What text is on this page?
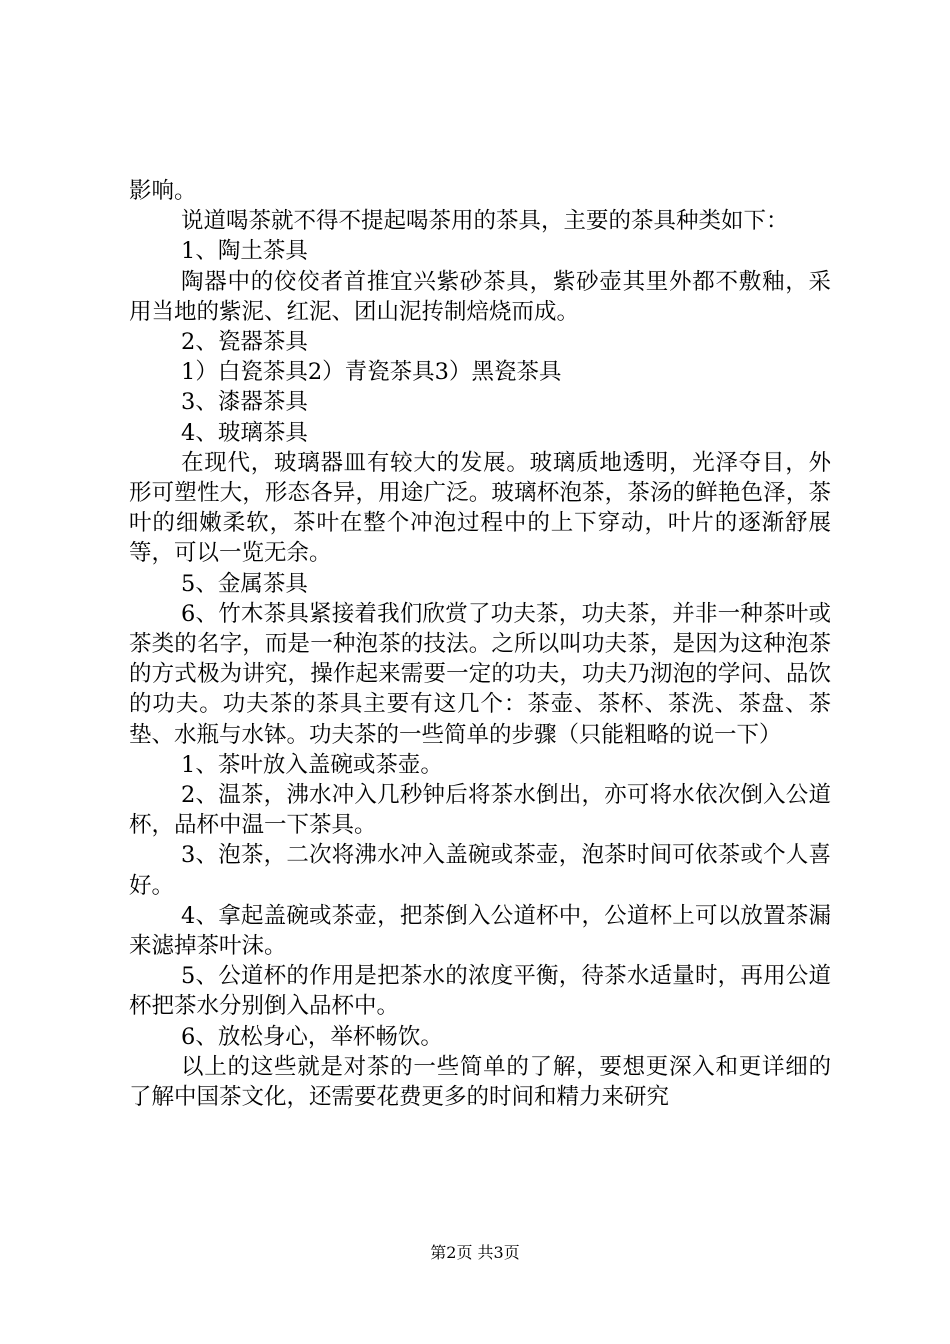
影响。

说道喝茶就不得不提起喝茶用的茶具，主要的茶具种类如下：

1、陶土茶具

陶器中的佼佼者首推宜兴紫砂茶具，紫砂壶其里外都不敷釉，采用当地的紫泥、红泥、团山泥抟制焙烧而成。

2、瓷器茶具

1）白瓷茶具2）青瓷茶具3）黑瓷茶具

3、漆器茶具

4、玻璃茶具

在现代，玻璃器皿有较大的发展。玻璃质地透明，光泽夺目，外形可塑性大，形态各异，用途广泛。玻璃杯泡茶，茶汤的鲜艳色泽，茶叶的细嫩柔软，茶叶在整个冲泡过程中的上下穿动，叶片的逐渐舒展等，可以一览无余。

5、金属茶具

6、竹木茶具紧接着我们欣赏了功夫茶，功夫茶，并非一种茶叶或茶类的名字，而是一种泡茶的技法。之所以叫功夫茶，是因为这种泡茶的方式极为讲究，操作起来需要一定的功夫，功夫乃沏泡的学问、品饮的功夫。功夫茶的茶具主要有这几个：茶壶、茶杯、茶洗、茶盘、茶垫、水瓶与水钵。功夫茶的一些简单的步骤（只能粗略的说一下）

1、茶叶放入盖碗或茶壶。

2、温茶，沸水冲入几秒钟后将茶水倒出，亦可将水依次倒入公道杯，品杯中温一下茶具。

3、泡茶，二次将沸水冲入盖碗或茶壶，泡茶时间可依茶或个人喜好。

4、拿起盖碗或茶壶，把茶倒入公道杯中，公道杯上可以放置茶漏来滤掉茶叶沫。

5、公道杯的作用是把茶水的浓度平衡，待茶水适量时，再用公道杯把茶水分别倒入品杯中。

6、放松身心，举杯畅饮。

以上的这些就是对茶的一些简单的了解，要想更深入和更详细的了解中国茶文化，还需要花费更多的时间和精力来研究

第2页 共3页
